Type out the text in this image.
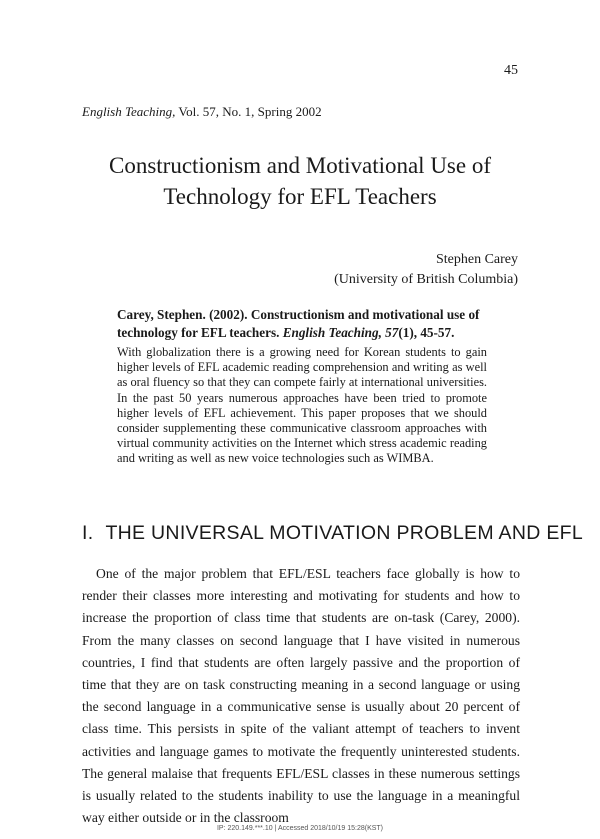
45
English Teaching, Vol. 57, No. 1, Spring 2002
Constructionism and Motivational Use of
Technology for EFL Teachers
Stephen Carey
(University of British Columbia)
Carey, Stephen. (2002). Constructionism and motivational use of technology for EFL teachers. English Teaching, 57(1), 45-57.
With globalization there is a growing need for Korean students to gain higher levels of EFL academic reading comprehension and writing as well as oral fluency so that they can compete fairly at international universities. In the past 50 years numerous approaches have been tried to promote higher levels of EFL achievement. This paper proposes that we should consider supplementing these communicative classroom approaches with virtual community activities on the Internet which stress academic reading and writing as well as new voice technologies such as WIMBA.
I. THE UNIVERSAL MOTIVATION PROBLEM AND EFL
One of the major problem that EFL/ESL teachers face globally is how to render their classes more interesting and motivating for students and how to increase the proportion of class time that students are on-task (Carey, 2000). From the many classes on second language that I have visited in numerous countries, I find that students are often largely passive and the proportion of time that they are on task constructing meaning in a second language or using the second language in a communicative sense is usually about 20 percent of class time. This persists in spite of the valiant attempt of teachers to invent activities and language games to motivate the frequently uninterested students. The general malaise that frequents EFL/ESL classes in these numerous settings is usually related to the students inability to use the language in a meaningful way either outside or in the classroom
IP: 220.149.***.10 | Accessed 2018/10/19 15:28(KST)
